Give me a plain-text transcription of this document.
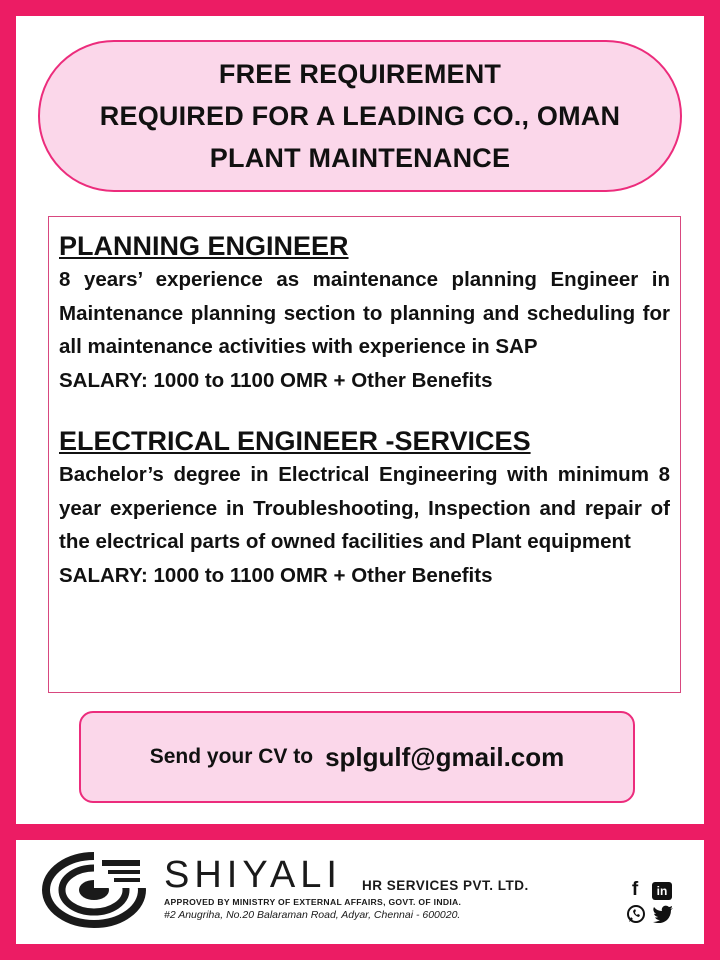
FREE REQUIREMENT
REQUIRED FOR A LEADING CO., OMAN
PLANT MAINTENANCE

PLANNING ENGINEER

8 years’ experience as maintenance planning Engineer in Maintenance planning section to planning and scheduling for all maintenance activities with experience in SAP

SALARY: 1000 to 1100 OMR + Other Benefits

ELECTRICAL ENGINEER -SERVICES

Bachelor’s degree in Electrical Engineering with minimum 8 year experience in Troubleshooting, Inspection and repair of the electrical parts of owned facilities and Plant equipment

SALARY: 1000 to 1100 OMR + Other Benefits

Send your CV to splgulf@gmail.com
SHIYALI HR SERVICES PVT. LTD.
APPROVED BY MINISTRY OF EXTERNAL AFFAIRS, GOVT. OF INDIA.
#2 Anugriha, No.20 Balaraman Road, Adyar, Chennai - 600020.
f	in
